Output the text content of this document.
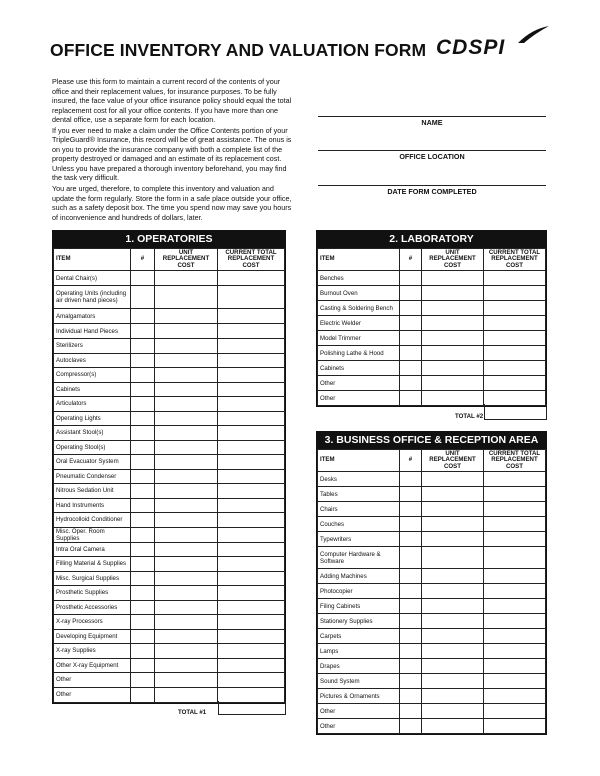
OFFICE INVENTORY AND VALUATION FORM CDSPI

Please use this form to maintain a current record of the contents of your office and their replacement values, for insurance purposes. To be fully insured, the face value of your office insurance policy should equal the total replacement cost for all your office contents. If you have more than one dental office, use a separate form for each location.

If you ever need to make a claim under the Office Contents portion of your TripleGuard® Insurance, this record will be of great assistance. The onus is on you to provide the insurance company with both a complete list of the property destroyed or damaged and an estimate of its replacement cost. Unless you have prepared a thorough inventory beforehand, you may find the task very difficult.

You are urged, therefore, to complete this inventory and valuation and update the form regularly. Store the form in a safe place outside your office, such as a safety deposit box. The time you spend now may save you hours of inconvenience and hundreds of dollars, later.

NAME
OFFICE LOCATION
DATE FORM COMPLETED
1. OPERATORIES
ITEM	#	UNIT REPLACEMENT COST	CURRENT TOTAL REPLACEMENT COST
Dental Chair(s)			
Operating Units (including air driven hand pieces)			
Amalgamators			
Individual Hand Pieces			
Sterilizers			
Autoclaves			
Compressor(s)			
Cabinets			
Articulators			
Operating Lights			
Assistant Stool(s)			
Operating Stool(s)			
Oral Evacuator System			
Pneumatic Condenser			
Nitrous Sedation Unit			
Hand Instruments			
Hydrocolloid Conditioner			
Misc. Oper. Room Supplies			
Intra Oral Camera			
Filling Material & Supplies			
Misc. Surgical Supplies			
Prosthetic Supplies			
Prosthetic Accessories			
X-ray Processors			
Developing Equipment			
X-ray Supplies			
Other X-ray Equipment			
Other			
Other			
TOTAL #1
2. LABORATORY
ITEM	#	UNIT REPLACEMENT COST	CURRENT TOTAL REPLACEMENT COST
Benches			
Burnout Oven			
Casting & Soldering Bench			
Electric Welder			
Model Trimmer			
Polishing Lathe & Hood			
Cabinets			
Other			
Other			
TOTAL #2
3. BUSINESS OFFICE & RECEPTION AREA
ITEM	#	UNIT REPLACEMENT COST	CURRENT TOTAL REPLACEMENT COST
Desks			
Tables			
Chairs			
Couches			
Typewriters			
Computer Hardware & Software			
Adding Machines			
Photocopier			
Filing Cabinets			
Stationery Supplies			
Carpets			
Lamps			
Drapes			
Sound System			
Pictures & Ornaments			
Other			
Other			
